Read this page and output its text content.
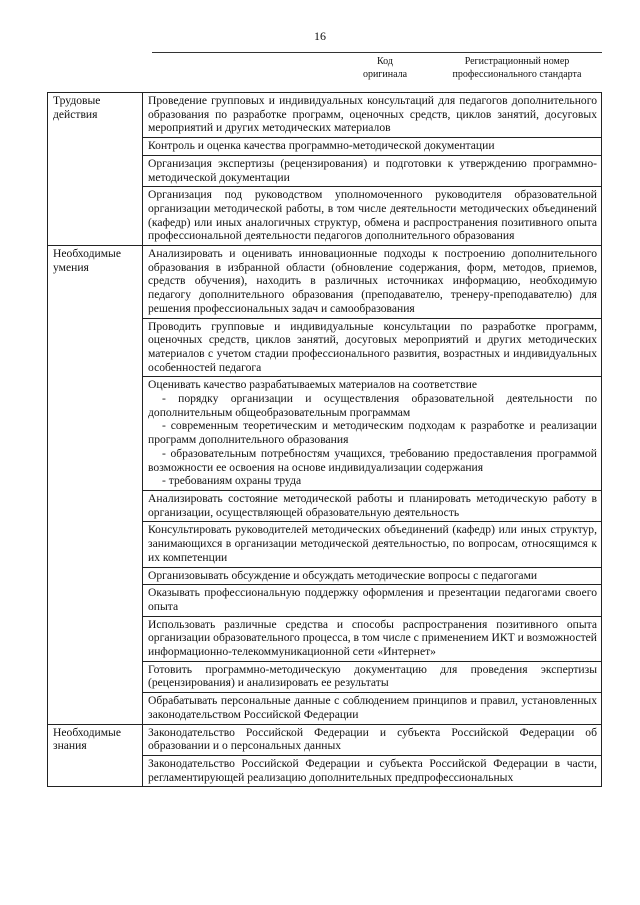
16
Код
оригинала
Регистрационный номер
профессионального стандарта
Трудовые действия	Проведение групповых и индивидуальных консультаций для педагогов дополнительного образования по разработке программ, оценочных средств, циклов занятий, досуговых мероприятий и других методических материалов
	Контроль и оценка качества программно-методической документации
	Организация экспертизы (рецензирования) и подготовки к утверждению программно-методической документации
	Организация под руководством уполномоченного руководителя образовательной организации методической работы, в том числе деятельности методических объединений (кафедр) или иных аналогичных структур, обмена и распространения позитивного опыта профессиональной деятельности педагогов дополнительного образования
Необходимые умения	Анализировать и оценивать инновационные подходы к построению дополнительного образования в избранной области (обновление содержания, форм, методов, приемов, средств обучения), находить в различных источниках информацию, необходимую педагогу дополнительного образования (преподавателю, тренеру-преподавателю) для решения профессиональных задач и самообразования
	Проводить групповые и индивидуальные консультации по разработке программ, оценочных средств, циклов занятий, досуговых мероприятий и других методических материалов с учетом стадии профессионального развития, возрастных и индивидуальных особенностей педагога
	Оценивать качество разрабатываемых материалов на соответствие
- порядку организации и осуществления образовательной деятельности по дополнительным общеобразовательным программам
- современным теоретическим и методическим подходам к разработке и реализации программ дополнительного образования
- образовательным потребностям учащихся, требованию предоставления программой возможности ее освоения на основе индивидуализации содержания
- требованиям охраны труда

	Анализировать состояние методической работы и планировать методическую работу в организации, осуществляющей образовательную деятельность
	Консультировать руководителей методических объединений (кафедр) или иных структур, занимающихся в организации методической деятельностью, по вопросам, относящимся к их компетенции
	Организовывать обсуждение и обсуждать методические вопросы с педагогами
	Оказывать профессиональную поддержку оформления и презентации педагогами своего опыта
	Использовать различные средства и способы распространения позитивного опыта организации образовательного процесса, в том числе с применением ИКТ и возможностей информационно-телекоммуникационной сети «Интернет»
	Готовить программно-методическую документацию для проведения экспертизы (рецензирования) и анализировать ее результаты
	Обрабатывать персональные данные с соблюдением принципов и правил, установленных законодательством Российской Федерации
Необходимые знания	Законодательство Российской Федерации и субъекта Российской Федерации об образовании и о персональных данных
	Законодательство Российской Федерации и субъекта Российской Федерации в части, регламентирующей реализацию дополнительных предпрофессиональных
